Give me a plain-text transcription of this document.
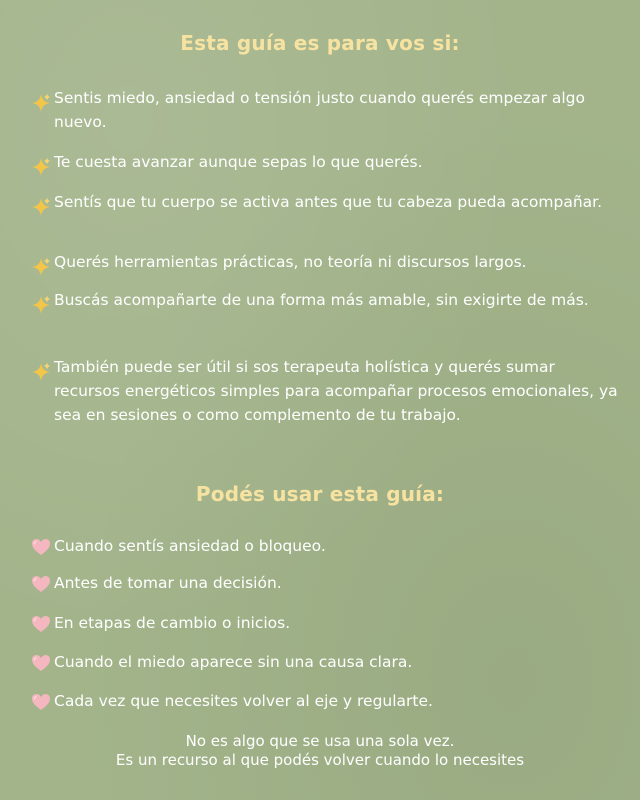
Esta guía es para vos si:
Sentis miedo, ansiedad o tensión justo cuando querés empezar algo nuevo.
Te cuesta avanzar aunque sepas lo que querés.
Sentís que tu cuerpo se activa antes que tu cabeza pueda acompañar.
Querés herramientas prácticas, no teoría ni discursos largos.
Buscás acompañarte de una forma más amable, sin exigirte de más.
También puede ser útil si sos terapeuta holística y querés sumar recursos energéticos simples para acompañar procesos emocionales, ya sea en sesiones o como complemento de tu trabajo.
Podés usar esta guía:
Cuando sentís ansiedad o bloqueo.
Antes de tomar una decisión.
En etapas de cambio o inicios.
Cuando el miedo aparece sin una causa clara.
Cada vez que necesites volver al eje y regularte.
No es algo que se usa una sola vez.
Es un recurso al que podés volver cuando lo necesites
